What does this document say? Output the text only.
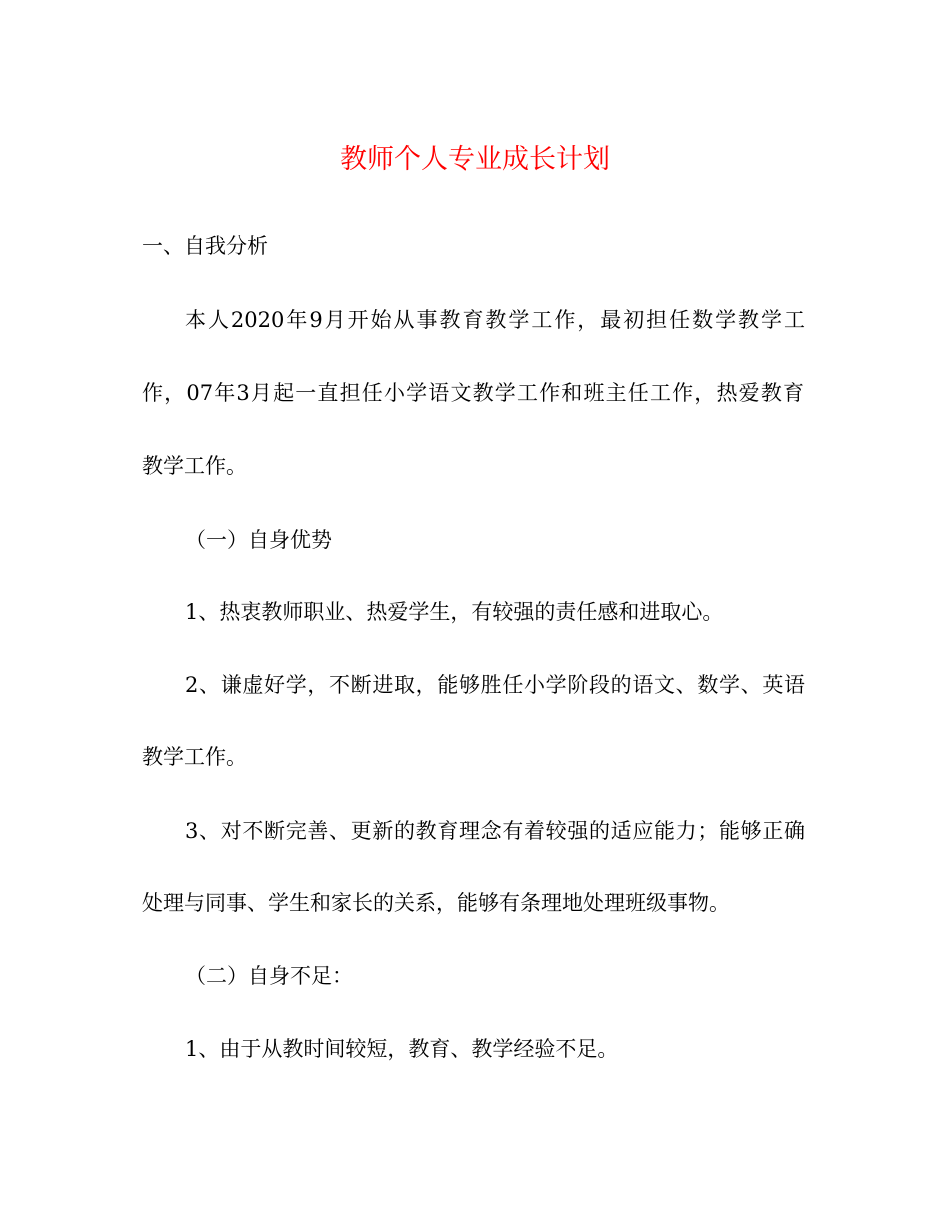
教师个人专业成长计划
一、自我分析
本人2020年9月开始从事教育教学工作，最初担任数学教学工
作，07年3月起一直担任小学语文教学工作和班主任工作，热爱教育
教学工作。
（一）自身优势
1、热衷教师职业、热爱学生，有较强的责任感和进取心。
2、谦虚好学，不断进取，能够胜任小学阶段的语文、数学、英语
教学工作。
3、对不断完善、更新的教育理念有着较强的适应能力；能够正确
处理与同事、学生和家长的关系，能够有条理地处理班级事物。
（二）自身不足：
1、由于从教时间较短，教育、教学经验不足。
